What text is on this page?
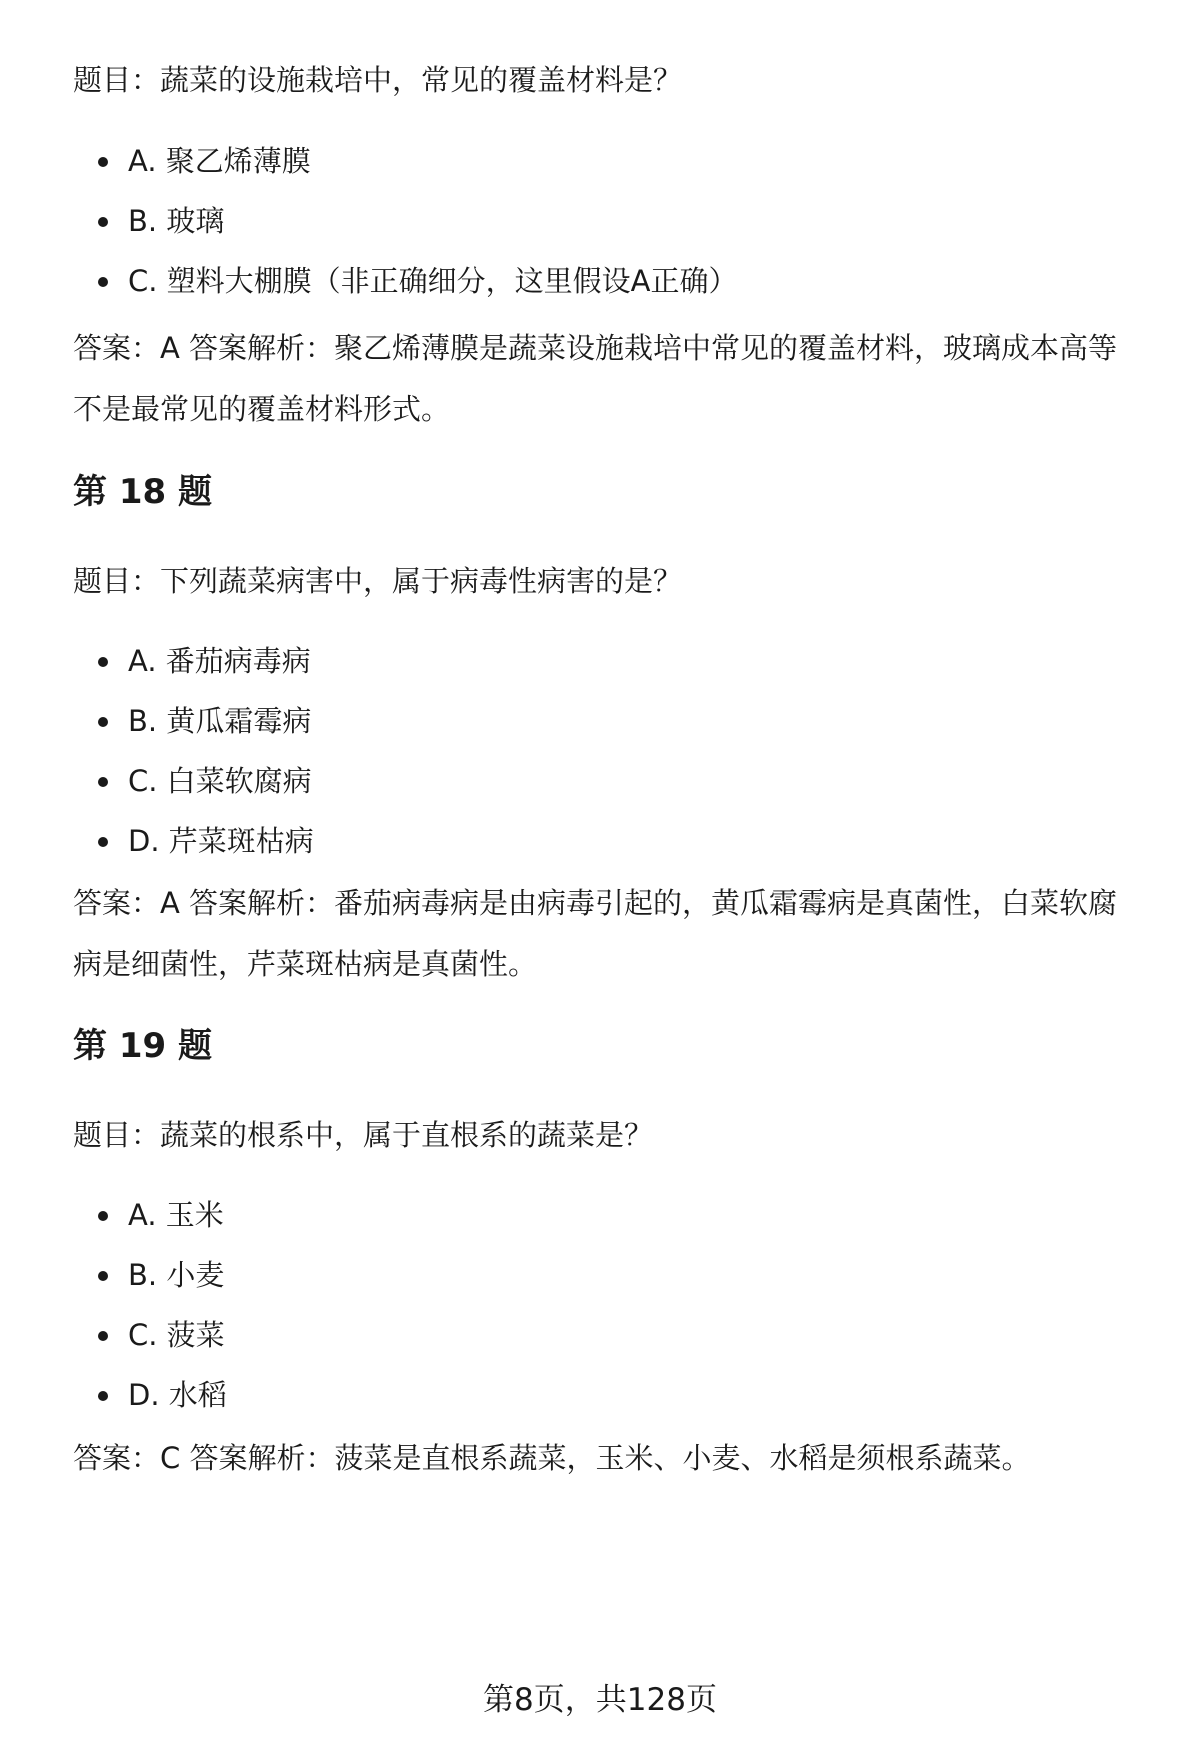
题目：蔬菜的设施栽培中，常见的覆盖材料是？
A. 聚乙烯薄膜
B. 玻璃
C. 塑料大棚膜（非正确细分，这里假设A正确）
答案：A 答案解析：聚乙烯薄膜是蔬菜设施栽培中常见的覆盖材料，玻璃成本高等不是最常见的覆盖材料形式。
第 18 题
题目：下列蔬菜病害中，属于病毒性病害的是？
A. 番茄病毒病
B. 黄瓜霜霉病
C. 白菜软腐病
D. 芹菜斑枯病
答案：A 答案解析：番茄病毒病是由病毒引起的，黄瓜霜霉病是真菌性，白菜软腐病是细菌性，芹菜斑枯病是真菌性。
第 19 题
题目：蔬菜的根系中，属于直根系的蔬菜是？
A. 玉米
B. 小麦
C. 菠菜
D. 水稻
答案：C 答案解析：菠菜是直根系蔬菜，玉米、小麦、水稻是须根系蔬菜。
第8页，共128页
